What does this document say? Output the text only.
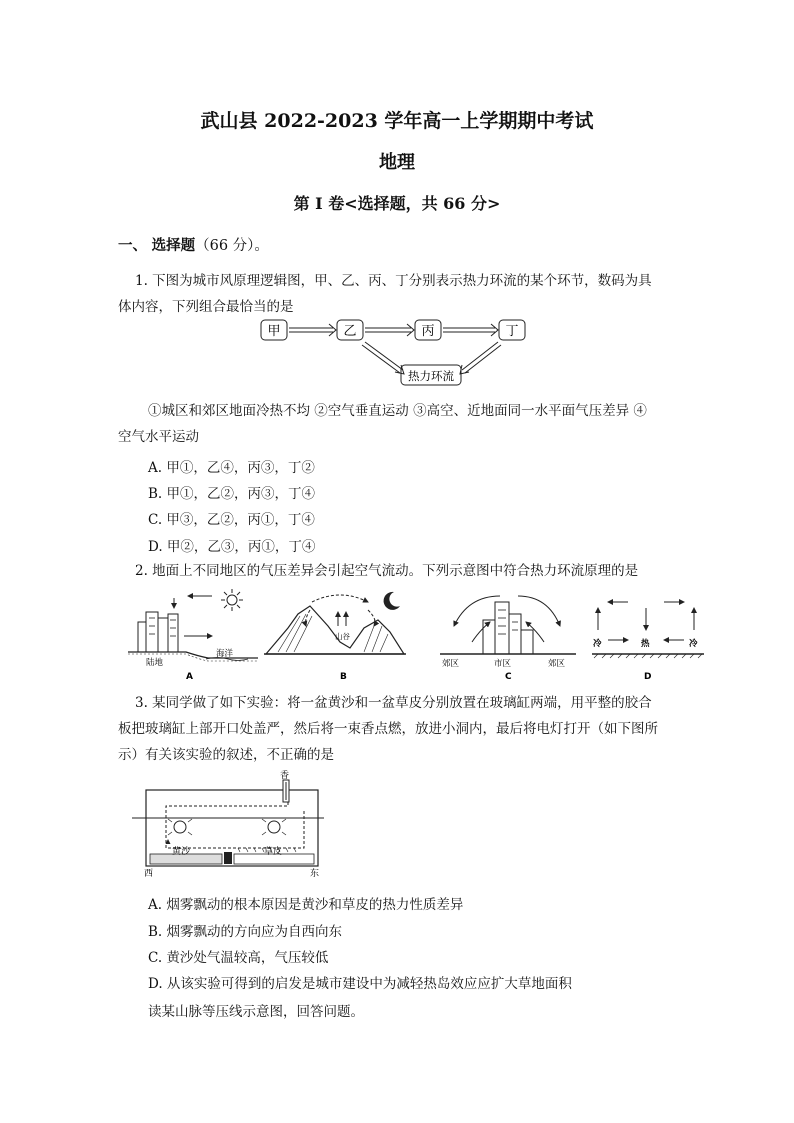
武山县 2022-2023 学年高一上学期期中考试
地理
第 I 卷<选择题，共 66 分>
一、 选择题（66 分）。
1. 下图为城市风原理逻辑图，甲、乙、丙、丁分别表示热力环流的某个环节，数码为具
体内容，下列组合最恰当的是
甲	乙	丙	丁
热力环流
①城区和郊区地面冷热不均 ②空气垂直运动 ③高空、近地面同一水平面气压差异 ④
空气水平运动
A. 甲①，乙④，丙③，丁②
B. 甲①，乙②，丙③，丁④
C. 甲③，乙②，丙①，丁④
D. 甲②，乙③，丙①，丁④
2. 地面上不同地区的气压差异会引起空气流动。下列示意图中符合热力环流原理的是
陆地
海洋
A
山谷
B
郊区	市区	郊区
C
冷	热	冷
D
3. 某同学做了如下实验：将一盆黄沙和一盆草皮分别放置在玻璃缸两端，用平整的胶合
板把玻璃缸上部开口处盖严，然后将一束香点燃，放进小洞内，最后将电灯打开（如下图所
示）有关该实验的叙述，不正确的是
香
黄沙	草皮
西	东
A. 烟雾飘动的根本原因是黄沙和草皮的热力性质差异
B. 烟雾飘动的方向应为自西向东
C. 黄沙处气温较高，气压较低
D. 从该实验可得到的启发是城市建设中为减轻热岛效应应扩大草地面积
读某山脉等压线示意图，回答问题。
